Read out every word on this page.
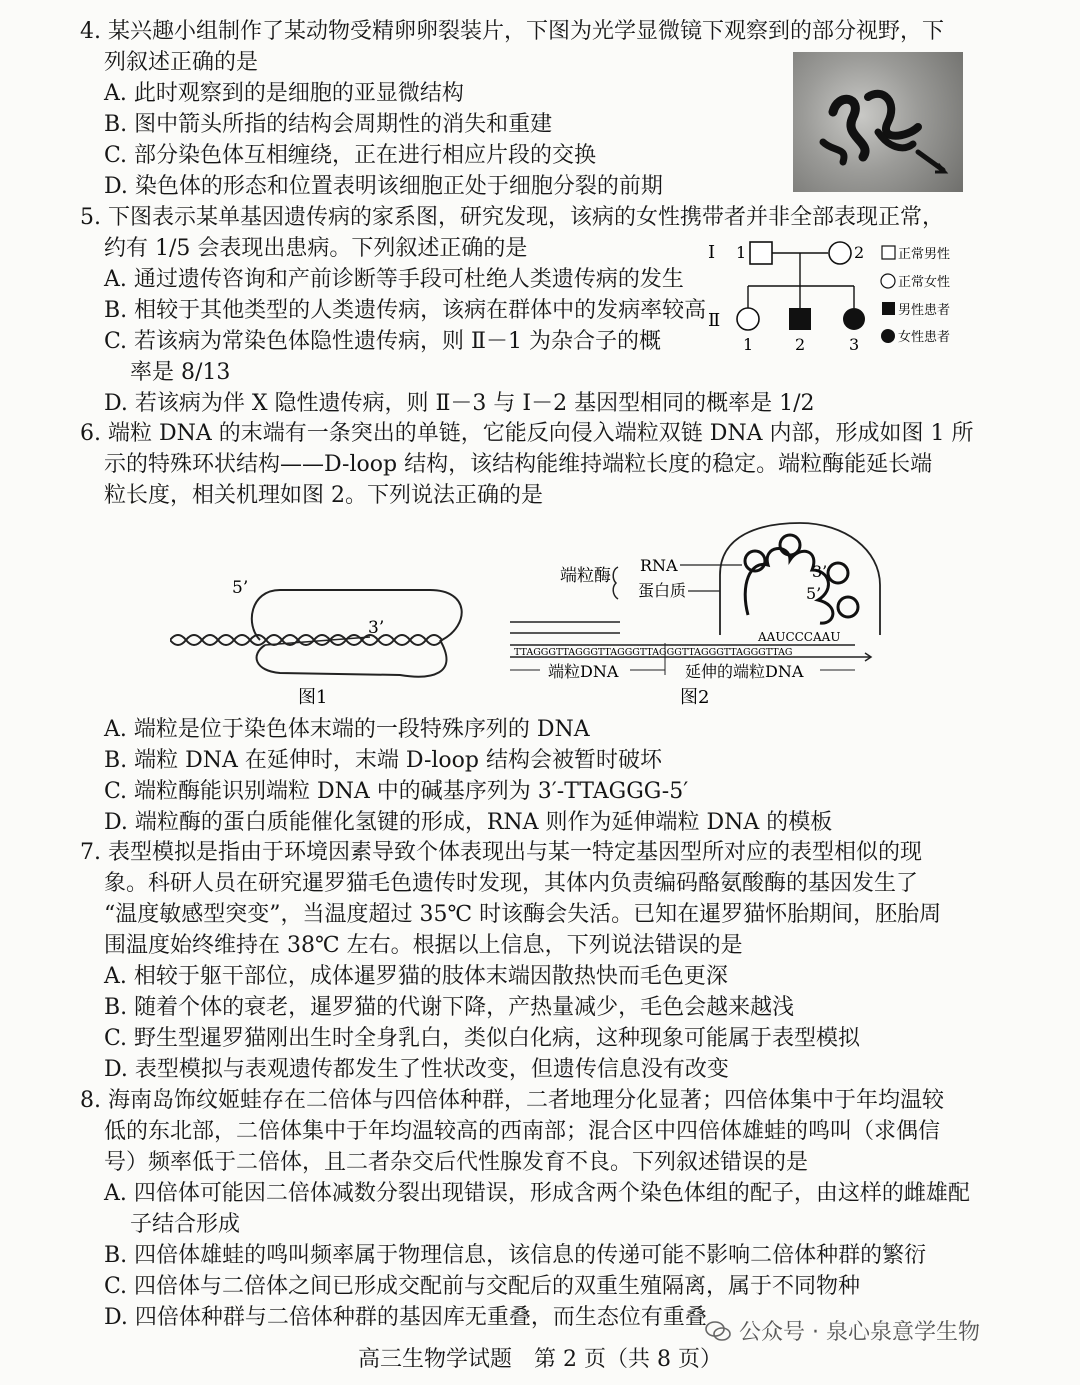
4. 某兴趣小组制作了某动物受精卵卵裂装片，下图为光学显微镜下观察到的部分视野，下
列叙述正确的是
A. 此时观察到的是细胞的亚显微结构
B. 图中箭头所指的结构会周期性的消失和重建
C. 部分染色体互相缠绕，正在进行相应片段的交换
D. 染色体的形态和位置表明该细胞正处于细胞分裂的前期
5. 下图表示某单基因遗传病的家系图，研究发现，该病的女性携带者并非全部表现正常，
约有 1/5 会表现出患病。下列叙述正确的是
A. 通过遗传咨询和产前诊断等手段可杜绝人类遗传病的发生
B. 相较于其他类型的人类遗传病，该病在群体中的发病率较高
C. 若该病为常染色体隐性遗传病，则 Ⅱ－1 为杂合子的概
率是 8/13
D. 若该病为伴 X 隐性遗传病，则 Ⅱ－3 与 Ⅰ－2 基因型相同的概率是 1/2
Ⅰ 1	2
Ⅱ
1	2	3
正常男性
正常女性
男性患者
女性患者
6. 端粒 DNA 的末端有一条突出的单链，它能反向侵入端粒双链 DNA 内部，形成如图 1 所
示的特殊环状结构——D-loop 结构，该结构能维持端粒长度的稳定。端粒酶能延长端
粒长度，相关机理如图 2。下列说法正确的是
5’
3’
图1
端粒酶
RNA
蛋白质
3’
5’
AAUCCCAAU
TTAGGGTTAGGGTTAGGGTTAGGGTTAGGGTTAGGGTTAG
端粒DNA	延伸的端粒DNA
图2
A. 端粒是位于染色体末端的一段特殊序列的 DNA
B. 端粒 DNA 在延伸时，末端 D-loop 结构会被暂时破坏
C. 端粒酶能识别端粒 DNA 中的碱基序列为 3′-TTAGGG-5′
D. 端粒酶的蛋白质能催化氢键的形成，RNA 则作为延伸端粒 DNA 的模板
7. 表型模拟是指由于环境因素导致个体表现出与某一特定基因型所对应的表型相似的现
象。科研人员在研究暹罗猫毛色遗传时发现，其体内负责编码酪氨酸酶的基因发生了
“温度敏感型突变”，当温度超过 35℃ 时该酶会失活。已知在暹罗猫怀胎期间，胚胎周
围温度始终维持在 38℃ 左右。根据以上信息，下列说法错误的是
A. 相较于躯干部位，成体暹罗猫的肢体末端因散热快而毛色更深
B. 随着个体的衰老，暹罗猫的代谢下降，产热量减少，毛色会越来越浅
C. 野生型暹罗猫刚出生时全身乳白，类似白化病，这种现象可能属于表型模拟
D. 表型模拟与表观遗传都发生了性状改变，但遗传信息没有改变
8. 海南岛饰纹姬蛙存在二倍体与四倍体种群，二者地理分化显著；四倍体集中于年均温较
低的东北部，二倍体集中于年均温较高的西南部；混合区中四倍体雄蛙的鸣叫（求偶信
号）频率低于二倍体，且二者杂交后代性腺发育不良。下列叙述错误的是
A. 四倍体可能因二倍体减数分裂出现错误，形成含两个染色体组的配子，由这样的雌雄配
子结合形成
B. 四倍体雄蛙的鸣叫频率属于物理信息，该信息的传递可能不影响二倍体种群的繁衍
C. 四倍体与二倍体之间已形成交配前与交配后的双重生殖隔离，属于不同物种
D. 四倍体种群与二倍体种群的基因库无重叠，而生态位有重叠
公众号 · 泉心泉意学生物
高三生物学试题　第 2 页（共 8 页）
